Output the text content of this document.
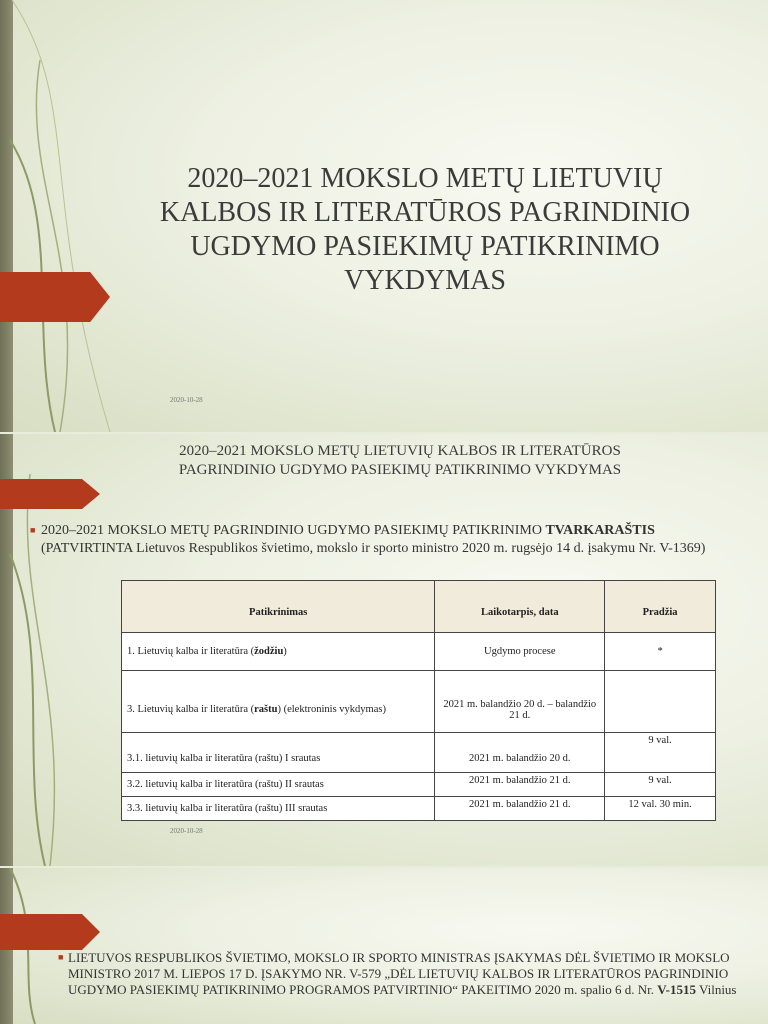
2020–2021 MOKSLO METŲ LIETUVIŲ KALBOS IR LITERATŪROS PAGRINDINIO UGDYMO PASIEKIMŲ PATIKRINIMO VYKDYMAS
2020-10-28
2020–2021 MOKSLO METŲ LIETUVIŲ KALBOS IR LITERATŪROS PAGRINDINIO UGDYMO PASIEKIMŲ PATIKRINIMO VYKDYMAS
■ 2020–2021 MOKSLO METŲ PAGRINDINIO UGDYMO PASIEKIMŲ PATIKRINIMO TVARKARAŠTIS
(PATVIRTINTA Lietuvos Respublikos švietimo, mokslo ir sporto ministro 2020 m. rugsėjo 14 d. įsakymu Nr. V-1369)
Patikrinimas	Laikotarpis, data	Pradžia
1. Lietuvių kalba ir literatūra (žodžiu)	Ugdymo procese	*
3. Lietuvių kalba ir literatūra (raštu) (elektroninis vykdymas)	2021 m. balandžio 20 d. – balandžio 21 d.	
3.1. lietuvių kalba ir literatūra (raštu) I srautas	2021 m. balandžio 20 d.	9 val.
3.2. lietuvių kalba ir literatūra (raštu) II srautas	2021 m. balandžio 21 d.	9 val.
3.3. lietuvių kalba ir literatūra (raštu) III srautas	2021 m. balandžio 21 d.	12 val. 30 min.
2020-10-28
■ LIETUVOS RESPUBLIKOS ŠVIETIMO, MOKSLO IR SPORTO MINISTRAS ĮSAKYMAS DĖL ŠVIETIMO IR MOKSLO MINISTRO 2017 M. LIEPOS 17 D. ĮSAKYMO NR. V-579 „DĖL LIETUVIŲ KALBOS IR LITERATŪROS PAGRINDINIO UGDYMO PASIEKIMŲ PATIKRINIMO PROGRAMOS PATVIRTINIO“ PAKEITIMO 2020 m. spalio 6 d. Nr. V-1515 Vilnius
